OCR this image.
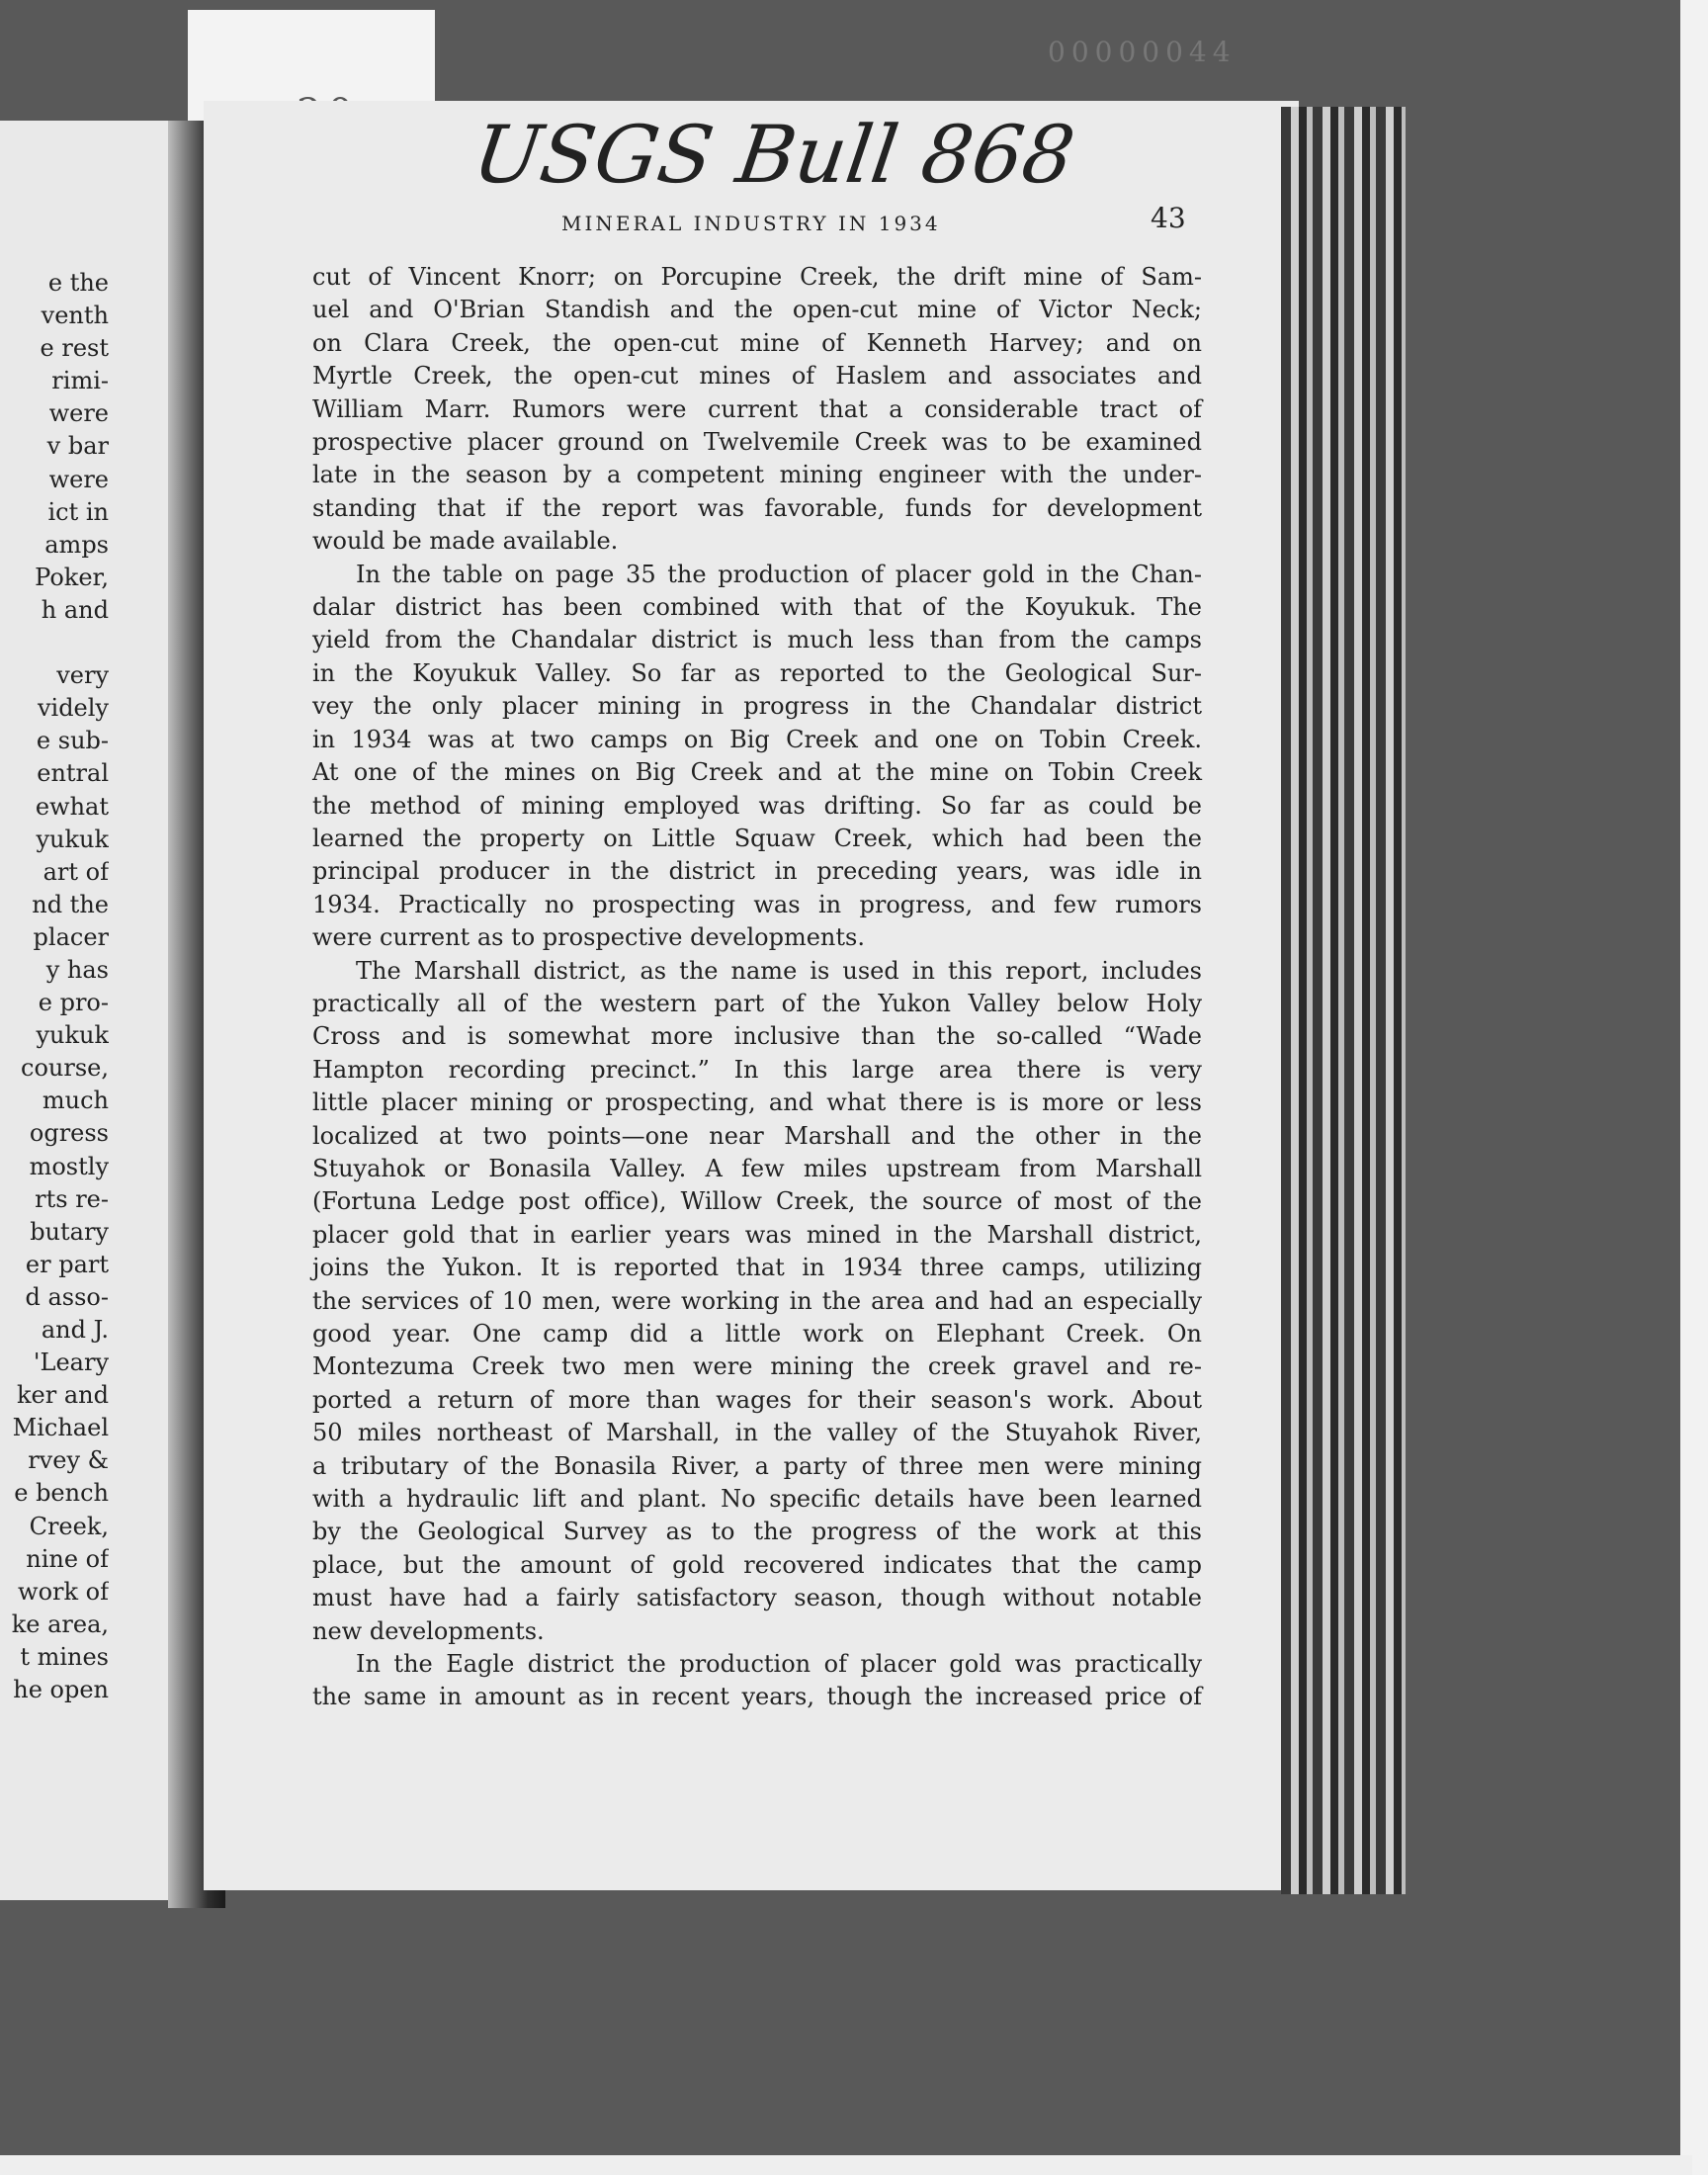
00000044
e the
venth
e rest
rimi-
were
v bar
were
ict in
amps
Poker,
h and
very
videly
e sub-
entral
ewhat
yukuk
art of
nd the
placer
y has
e pro-
yukuk
course,
much
ogress
mostly
rts re-
butary
er part
d asso-
and J.
'Leary
ker and
Michael
rvey &
e bench
Creek,
nine of
work of
ke area,
t mines
he open
USGS Bull 868
MINERAL INDUSTRY IN 1934	43
cut of Vincent Knorr; on Porcupine Creek, the drift mine of Sam-
uel and O'Brian Standish and the open-cut mine of Victor Neck;
on Clara Creek, the open-cut mine of Kenneth Harvey; and on
Myrtle Creek, the open-cut mines of Haslem and associates and
William Marr. Rumors were current that a considerable tract of
prospective placer ground on Twelvemile Creek was to be examined
late in the season by a competent mining engineer with the under-
standing that if the report was favorable, funds for development
would be made available.
In the table on page 35 the production of placer gold in the Chan-
dalar district has been combined with that of the Koyukuk. The
yield from the Chandalar district is much less than from the camps
in the Koyukuk Valley. So far as reported to the Geological Sur-
vey the only placer mining in progress in the Chandalar district
in 1934 was at two camps on Big Creek and one on Tobin Creek.
At one of the mines on Big Creek and at the mine on Tobin Creek
the method of mining employed was drifting. So far as could be
learned the property on Little Squaw Creek, which had been the
principal producer in the district in preceding years, was idle in
1934. Practically no prospecting was in progress, and few rumors
were current as to prospective developments.
The Marshall district, as the name is used in this report, includes
practically all of the western part of the Yukon Valley below Holy
Cross and is somewhat more inclusive than the so-called “Wade
Hampton recording precinct.” In this large area there is very
little placer mining or prospecting, and what there is is more or less
localized at two points—one near Marshall and the other in the
Stuyahok or Bonasila Valley. A few miles upstream from Marshall
(Fortuna Ledge post office), Willow Creek, the source of most of the
placer gold that in earlier years was mined in the Marshall district,
joins the Yukon. It is reported that in 1934 three camps, utilizing
the services of 10 men, were working in the area and had an especially
good year. One camp did a little work on Elephant Creek. On
Montezuma Creek two men were mining the creek gravel and re-
ported a return of more than wages for their season's work. About
50 miles northeast of Marshall, in the valley of the Stuyahok River,
a tributary of the Bonasila River, a party of three men were mining
with a hydraulic lift and plant. No specific details have been learned
by the Geological Survey as to the progress of the work at this
place, but the amount of gold recovered indicates that the camp
must have had a fairly satisfactory season, though without notable
new developments.
In the Eagle district the production of placer gold was practically
the same in amount as in recent years, though the increased price of
